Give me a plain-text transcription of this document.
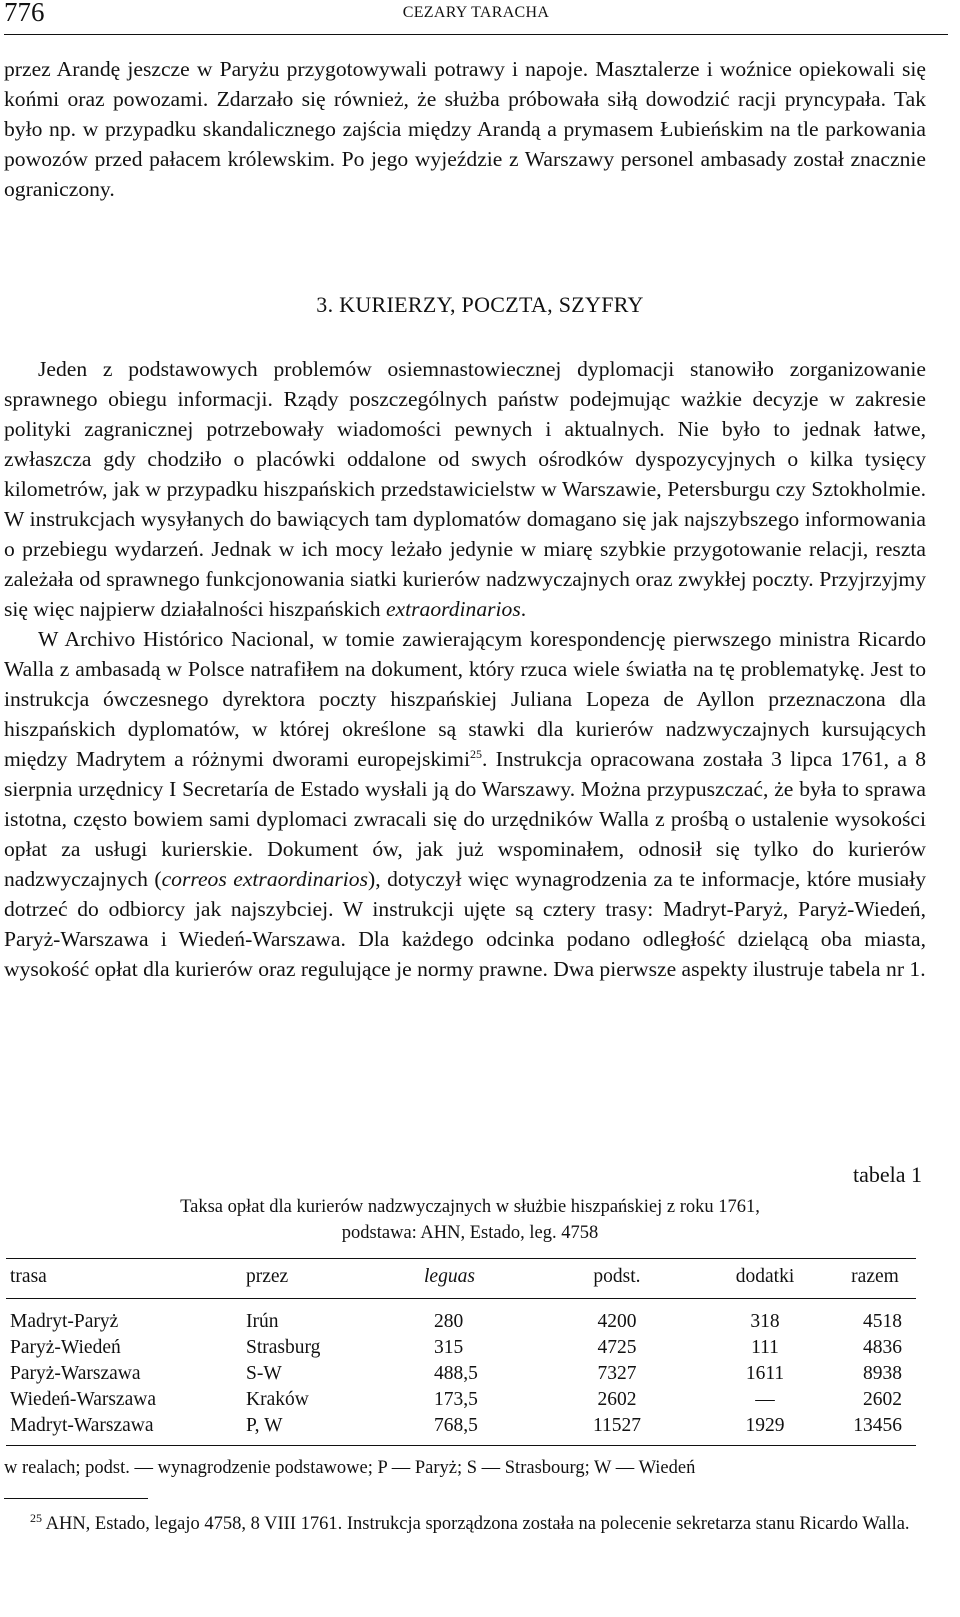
776	CEZARY TARACHA

przez Arandę jeszcze w Paryżu przygotowywali potrawy i napoje. Masztalerze i woźnice opiekowali się końmi oraz powozami. Zdarzało się również, że służba próbowała siłą dowodzić racji pryncypała. Tak było np. w przypadku skandalicznego zajścia między Arandą a prymasem Łubieńskim na tle parkowania powozów przed pałacem królewskim. Po jego wyjeździe z Warszawy personel ambasady został znacznie ograniczony.

3. KURIERZY, POCZTA, SZYFRY

Jeden z podstawowych problemów osiemnastowiecznej dyplomacji stanowiło zorganizowanie sprawnego obiegu informacji. Rządy poszczególnych państw podejmując ważkie decyzje w zakresie polityki zagranicznej potrzebowały wiadomości pewnych i aktualnych. Nie było to jednak łatwe, zwłaszcza gdy chodziło o placówki oddalone od swych ośrodków dyspozycyjnych o kilka tysięcy kilometrów, jak w przypadku hiszpańskich przedstawicielstw w Warszawie, Petersburgu czy Sztokholmie. W instrukcjach wysyłanych do bawiących tam dyplomatów domagano się jak najszybszego informowania o przebiegu wydarzeń. Jednak w ich mocy leżało jedynie w miarę szybkie przygotowanie relacji, reszta zależała od sprawnego funkcjonowania siatki kurierów nadzwyczajnych oraz zwykłej poczty. Przyjrzyjmy się więc najpierw działalności hiszpańskich extraordinarios.

W Archivo Histórico Nacional, w tomie zawierającym korespondencję pierwszego ministra Ricardo Walla z ambasadą w Polsce natrafiłem na dokument, który rzuca wiele światła na tę problematykę. Jest to instrukcja ówczesnego dyrektora poczty hiszpańskiej Juliana Lopeza de Ayllon przeznaczona dla hiszpańskich dyplomatów, w której określone są stawki dla kurierów nadzwyczajnych kursujących między Madrytem a różnymi dworami europejskimi$^{25}$. Instrukcja opracowana została 3 lipca 1761, a 8 sierpnia urzędnicy I Secretaría de Estado wysłali ją do Warszawy. Można przypuszczać, że była to sprawa istotna, często bowiem sami dyplomaci zwracali się do urzędników Walla z prośbą o ustalenie wysokości opłat za usługi kurierskie. Dokument ów, jak już wspominałem, odnosił się tylko do kurierów nadzwyczajnych (correos extraordinarios), dotyczył więc wynagrodzenia za te informacje, które musiały dotrzeć do odbiorcy jak najszybciej. W instrukcji ujęte są cztery trasy: Madryt-Paryż, Paryż-Wiedeń, Paryż-Warszawa i Wiedeń-Warszawa. Dla każdego odcinka podano odległość dzielącą oba miasta, wysokość opłat dla kurierów oraz regulujące je normy prawne. Dwa pierwsze aspekty ilustruje tabela nr 1.

tabela 1
Taksa opłat dla kurierów nadzwyczajnych w służbie hiszpańskiej z roku 1761,
podstawa: AHN, Estado, leg. 4758
trasa	przez	leguas	podst.	dodatki	razem
Madryt-Paryż	Irún	280	4200	318	4518
Paryż-Wiedeń	Strasburg	315	4725	111	4836
Paryż-Warszawa	S-W	488,5	7327	1611	8938
Wiedeń-Warszawa	Kraków	173,5	2602	—	2602
Madryt-Warszawa	P, W	768,5	11527	1929	13456
w realach; podst. — wynagrodzenie podstawowe; P — Paryż; S — Strasbourg; W — Wiedeń
$^{25}$ AHN, Estado, legajo 4758, 8 VIII 1761. Instrukcja sporządzona została na polecenie sekretarza stanu Ricardo Walla.
